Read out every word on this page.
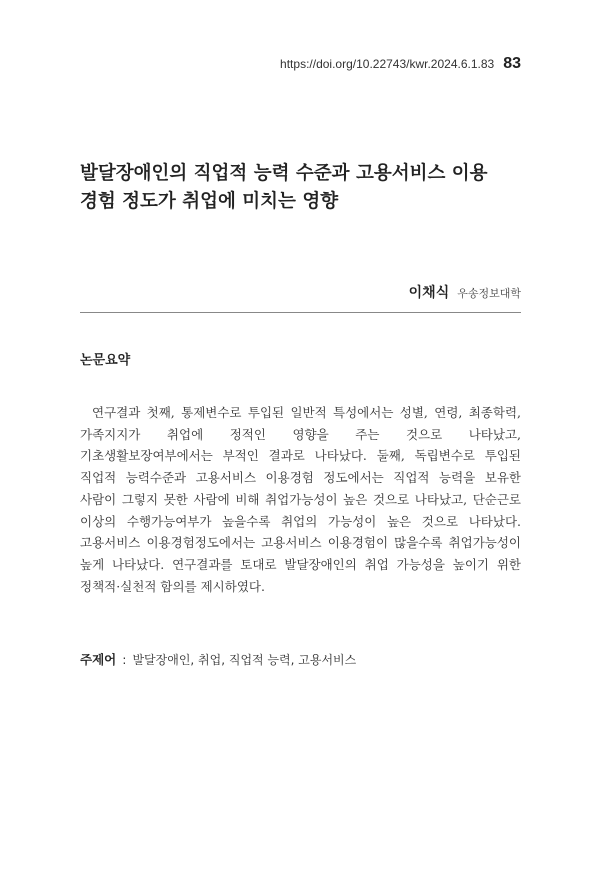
https://doi.org/10.22743/kwr.2024.6.1.83 83
발달장애인의 직업적 능력 수준과 고용서비스 이용
경험 정도가 취업에 미치는 영향
이채식 우송정보대학
논문요약

연구결과 첫째, 통제변수로 투입된 일반적 특성에서는 성별, 연령, 최종학력, 가족지지가 취업에 정적인 영향을 주는 것으로 나타났고, 기초생활보장여부에서는 부적인 결과로 나타났다. 둘째, 독립변수로 투입된 직업적 능력수준과 고용서비스 이용경험 정도에서는 직업적 능력을 보유한 사람이 그렇지 못한 사람에 비해 취업가능성이 높은 것으로 나타났고, 단순근로 이상의 수행가능여부가 높을수록 취업의 가능성이 높은 것으로 나타났다. 고용서비스 이용경험정도에서는 고용서비스 이용경험이 많을수록 취업가능성이 높게 나타났다. 연구결과를 토대로 발달장애인의 취업 가능성을 높이기 위한 정책적·실천적 함의를 제시하였다.

주제어 : 발달장애인, 취업, 직업적 능력, 고용서비스
